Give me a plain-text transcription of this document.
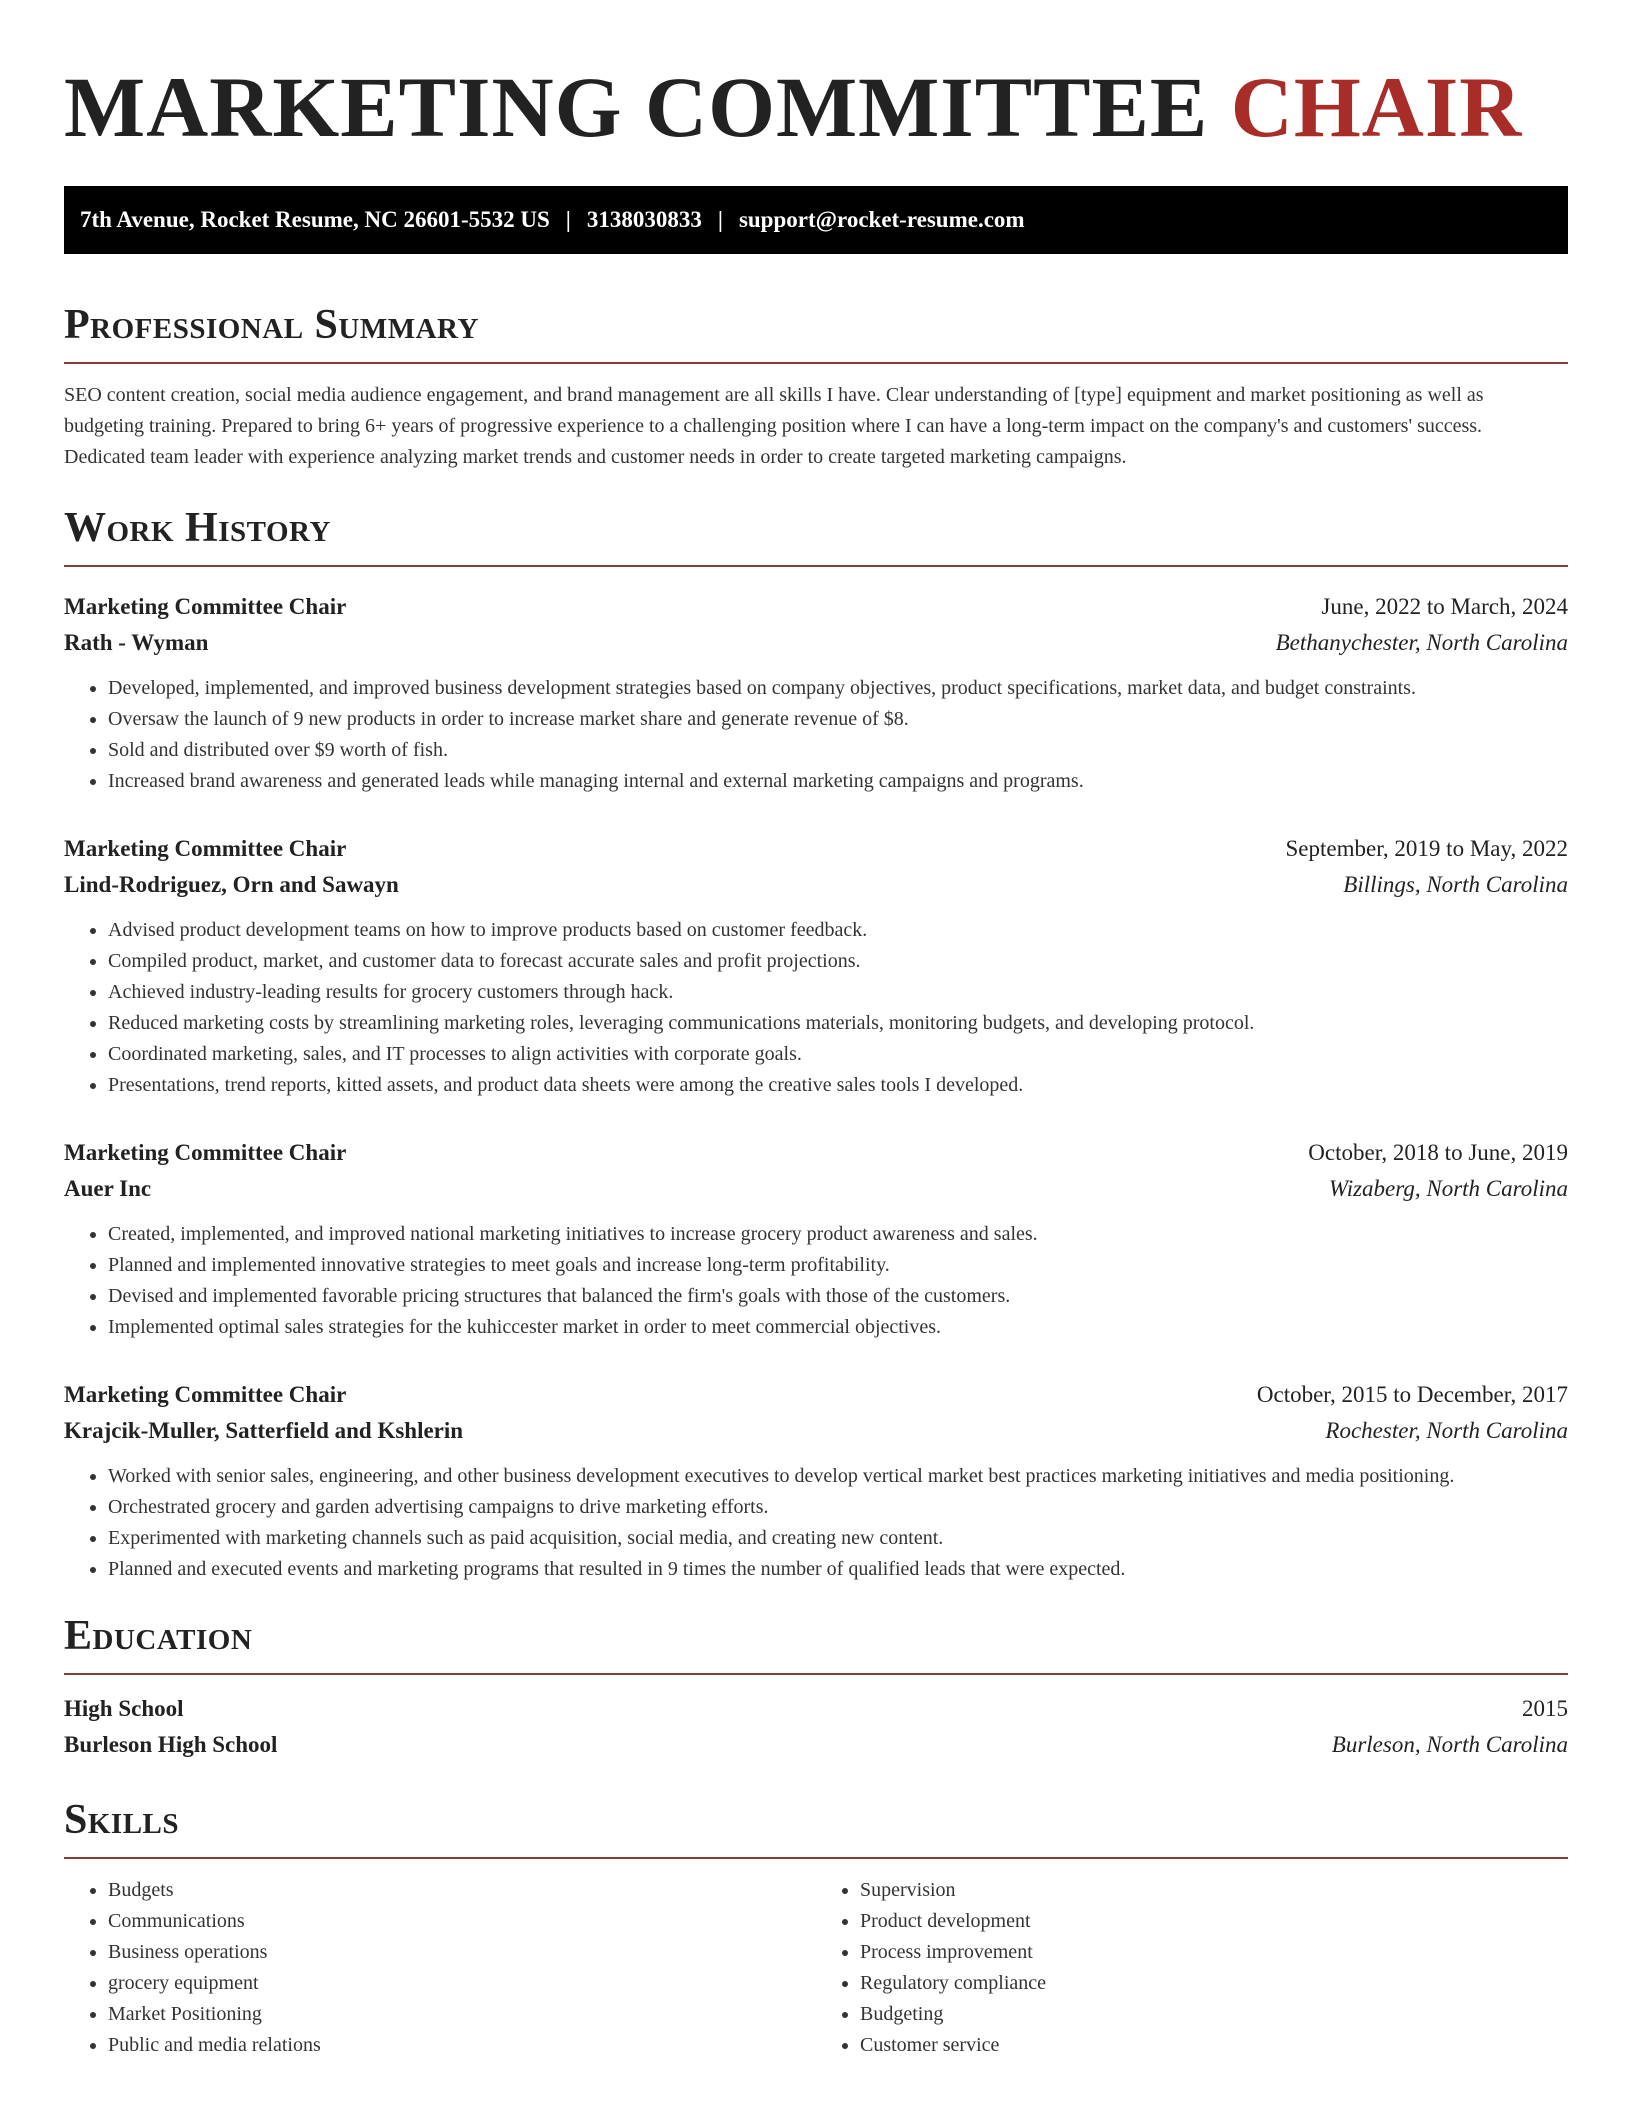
MARKETING COMMITTEE CHAIR
7th Avenue, Rocket Resume, NC 26601-5532 US | 3138030833 | support@rocket-resume.com
Professional Summary

SEO content creation, social media audience engagement, and brand management are all skills I have. Clear understanding of [type] equipment and market positioning as well as budgeting training. Prepared to bring 6+ years of progressive experience to a challenging position where I can have a long-term impact on the company's and customers' success. Dedicated team leader with experience analyzing market trends and customer needs in order to create targeted marketing campaigns.

Work History
Marketing Committee Chair	June, 2022 to March, 2024
Rath - Wyman	Bethanychester, North Carolina
• Developed, implemented, and improved business development strategies based on company objectives, product specifications, market data, and budget constraints.
• Oversaw the launch of 9 new products in order to increase market share and generate revenue of $8.
• Sold and distributed over $9 worth of fish.
• Increased brand awareness and generated leads while managing internal and external marketing campaigns and programs.
Marketing Committee Chair	September, 2019 to May, 2022
Lind-Rodriguez, Orn and Sawayn	Billings, North Carolina
• Advised product development teams on how to improve products based on customer feedback.
• Compiled product, market, and customer data to forecast accurate sales and profit projections.
• Achieved industry-leading results for grocery customers through hack.
• Reduced marketing costs by streamlining marketing roles, leveraging communications materials, monitoring budgets, and developing protocol.
• Coordinated marketing, sales, and IT processes to align activities with corporate goals.
• Presentations, trend reports, kitted assets, and product data sheets were among the creative sales tools I developed.
Marketing Committee Chair	October, 2018 to June, 2019
Auer Inc	Wizaberg, North Carolina
• Created, implemented, and improved national marketing initiatives to increase grocery product awareness and sales.
• Planned and implemented innovative strategies to meet goals and increase long-term profitability.
• Devised and implemented favorable pricing structures that balanced the firm's goals with those of the customers.
• Implemented optimal sales strategies for the kuhiccester market in order to meet commercial objectives.
Marketing Committee Chair	October, 2015 to December, 2017
Krajcik-Muller, Satterfield and Kshlerin	Rochester, North Carolina
• Worked with senior sales, engineering, and other business development executives to develop vertical market best practices marketing initiatives and media positioning.
• Orchestrated grocery and garden advertising campaigns to drive marketing efforts.
• Experimented with marketing channels such as paid acquisition, social media, and creating new content.
• Planned and executed events and marketing programs that resulted in 9 times the number of qualified leads that were expected.
Education
High School	2015
Burleson High School	Burleson, North Carolina
Skills
• Budgets
• Communications
• Business operations
• grocery equipment
• Market Positioning
• Public and media relations
• Supervision
• Product development
• Process improvement
• Regulatory compliance
• Budgeting
• Customer service
